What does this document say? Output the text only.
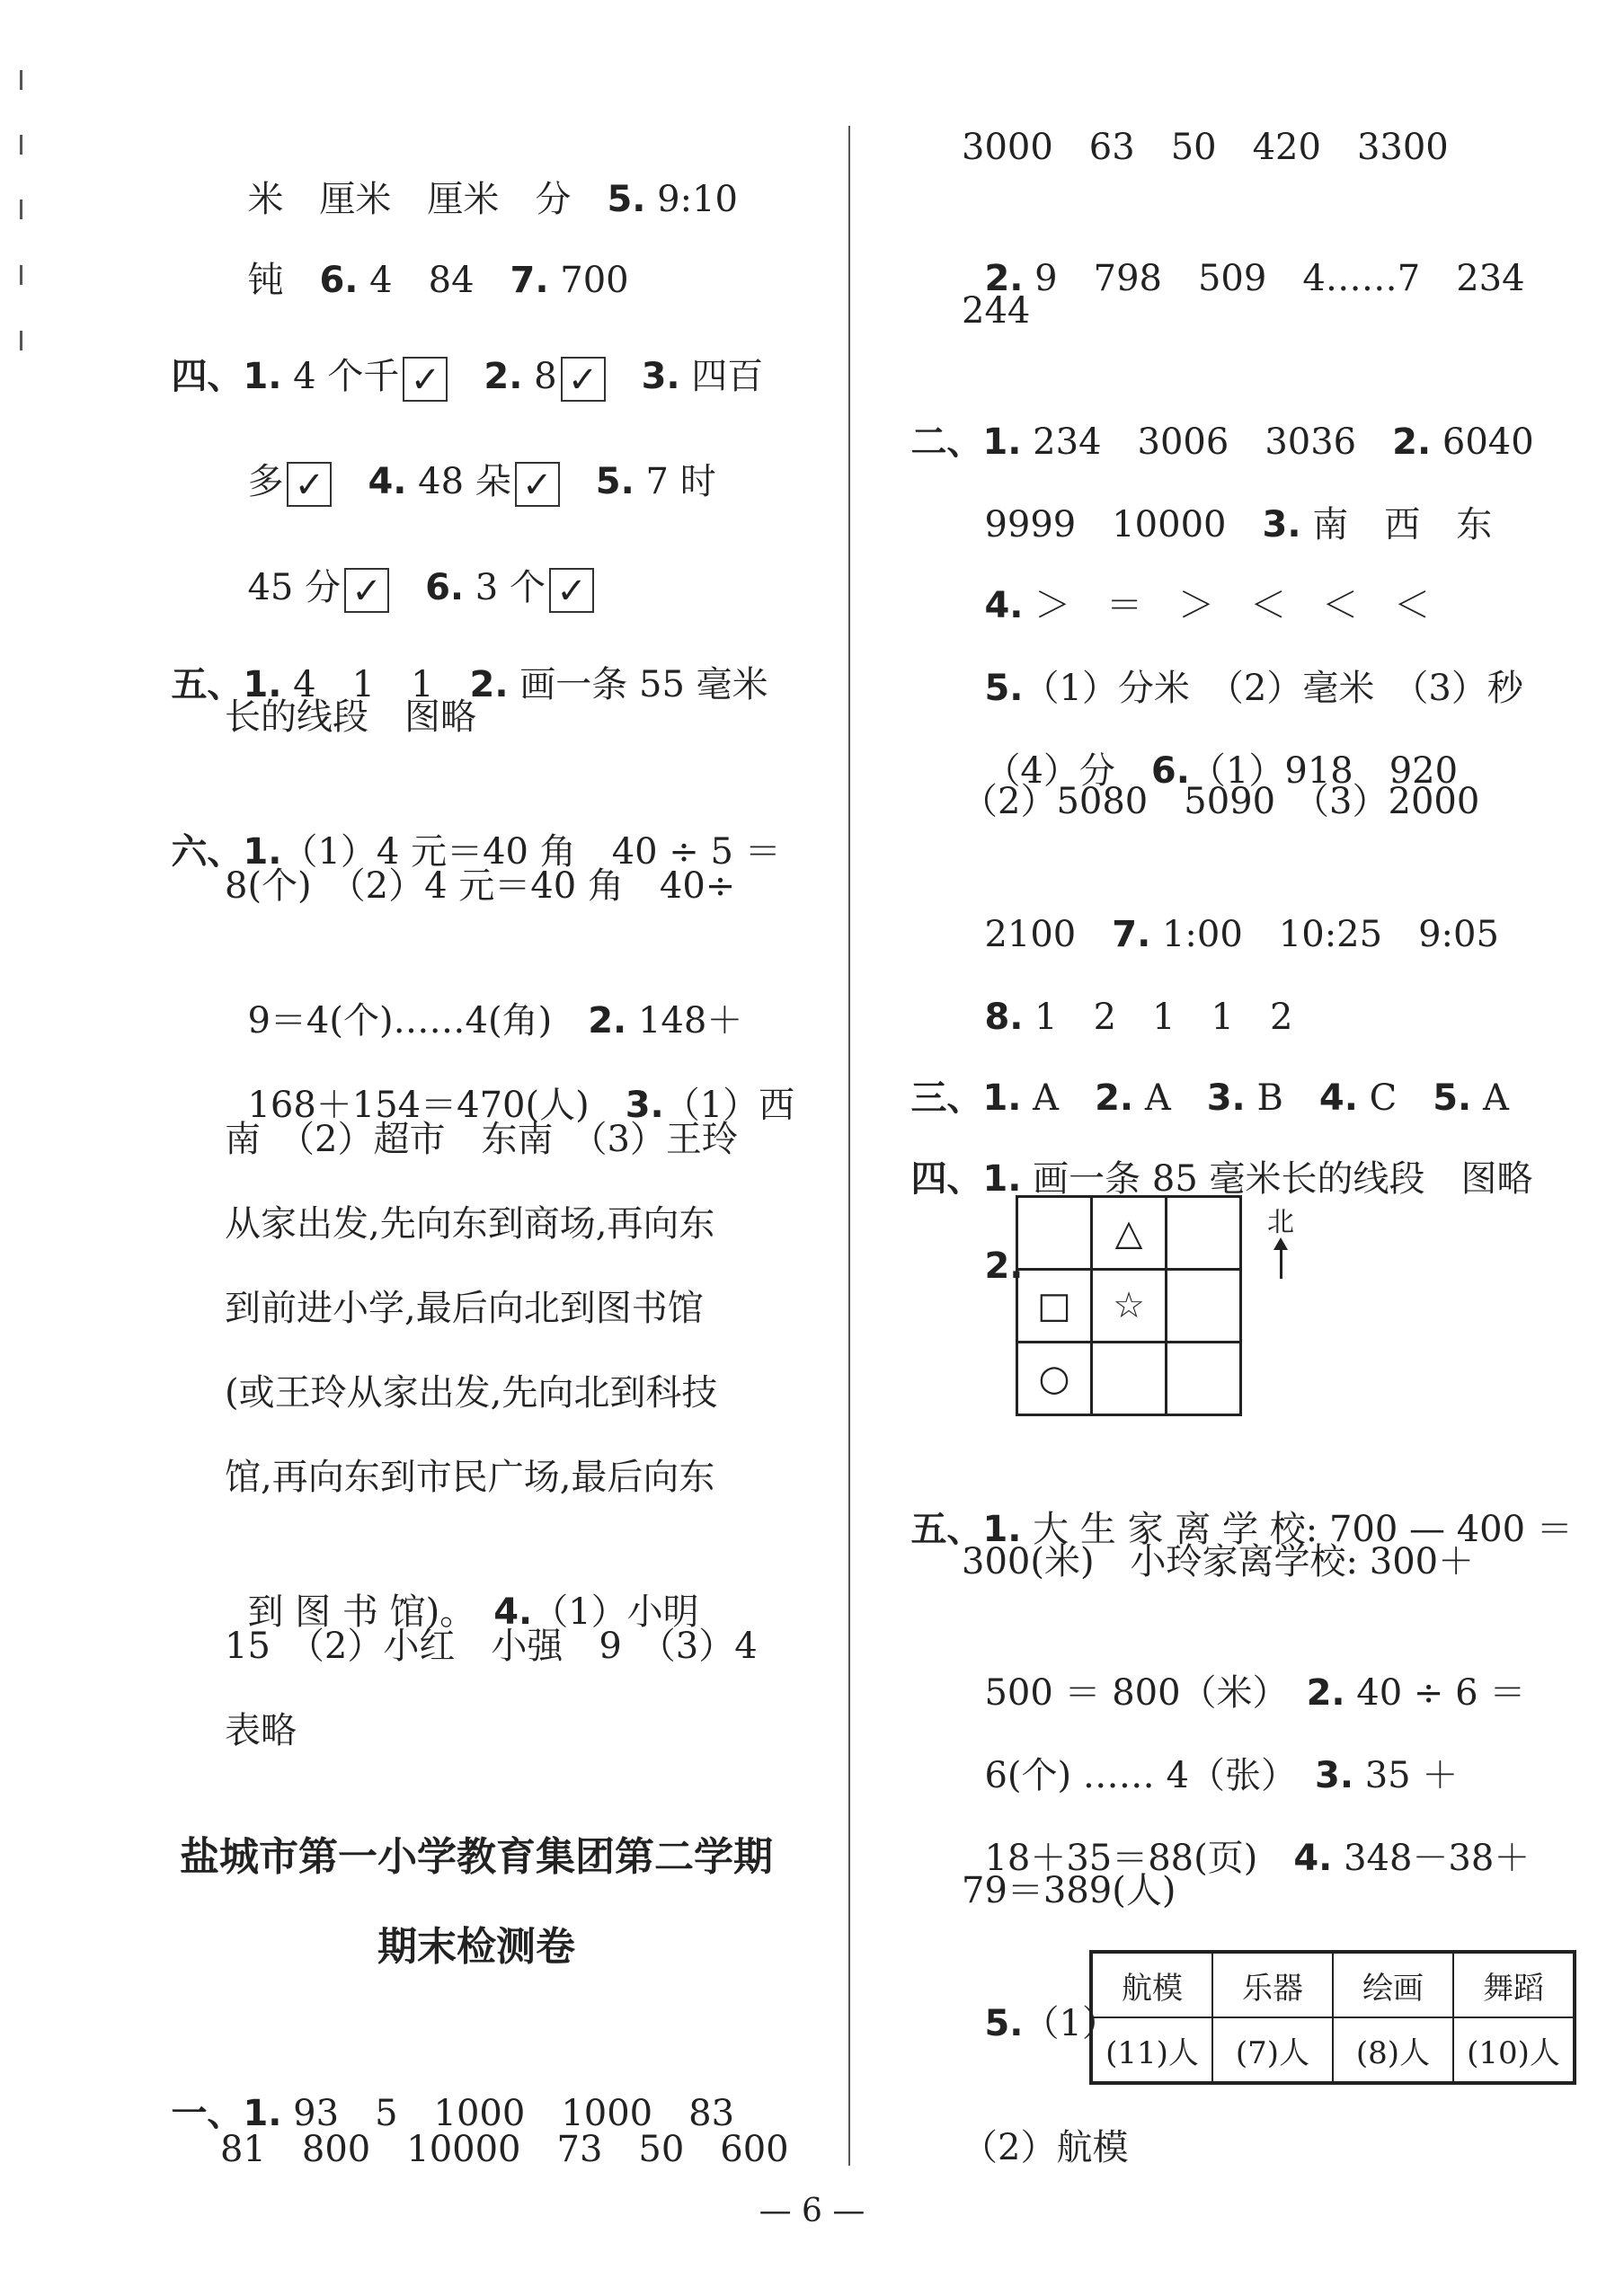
米　厘米　厘米　分　5. 9:10

钝　6. 4　84　7. 700

四、1. 4 个千 ✓　 2. 8 ✓　 3. 四百

多 ✓　 4. 48 朵 ✓　 5. 7 时

45 分 ✓　 6. 3 个 ✓

五、1. 4　1　1　2. 画一条 55 毫米

长的线段　图略

六、1.（1）4 元＝40 角　40 ÷ 5 ＝

8(个)　（2）4 元＝40 角　40÷

9＝4(个)……4(角)　2. 148＋

168＋154＝470(人)　3.（1）西

南　（2）超市　东南　（3）王玲
从家出发,先向东到商场,再向东
到前进小学,最后向北到图书馆
(或王玲从家出发,先向北到科技
馆,再向东到市民广场,最后向东

到 图 书 馆)。　4.（1）小明

15　（2）小红　小强　9　（3）4
表略
盐城市第一小学教育集团第二学期
期末检测卷

一、1. 93　5　1000　1000　83

81　800　10000　73　50　600
3000　63　50　420　3300

2. 9　798　509　4……7　234

244

二、1. 234　3006　3036　2. 6040

9999　10000　3. 南　西　东

4. ＞　＝　＞　＜　＜　＜

5.（1）分米　（2）毫米　（3）秒

（4）分　6.（1）918　920

（2）5080　5090　（3）2000

2100　7. 1:00　10:25　9:05

8. 1　2　1　1　2

三、1. A　2. A　3. B　4. C　5. A

四、1. 画一条 85 毫米长的线段　图略

2.

	△	
□	☆	
○		
北

五、1. 大 生 家 离 学 校: 700 — 400 ＝

300(米)　小玲家离学校: 300＋

500 ＝ 800（米）　2. 40 ÷ 6 ＝

6(个) …… 4（张）　3. 35 ＋

18＋35＝88(页)　4. 348－38＋

79＝389(人)

5.（1）

航模	乐器	绘画	舞蹈
(11)人	(7)人	(8)人	(10)人
（2）航模
— 6 —
